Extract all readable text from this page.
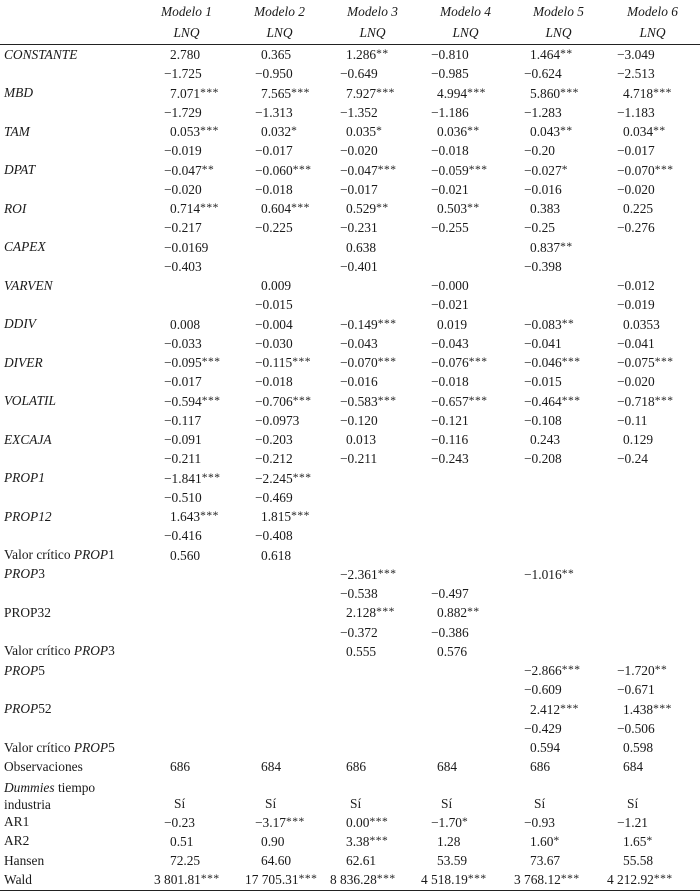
	Modelo 1	Modelo 2	Modelo 3	Modelo 4	Modelo 5	Modelo 6
	LNQ	LNQ	LNQ	LNQ	LNQ	LNQ
CONSTANTE	2.780	0.365	1.286**	−0.810	1.464**	−3.049
	−1.725	−0.950	−0.649	−0.985	−0.624	−2.513
MBD	7.071***	7.565***	7.927***	4.994***	5.860***	4.718***
	−1.729	−1.313	−1.352	−1.186	−1.283	−1.183
TAM	0.053***	0.032*	0.035*	0.036**	0.043**	0.034**
	−0.019	−0.017	−0.020	−0.018	−0.20	−0.017
DPAT	−0.047**	−0.060***	−0.047***	−0.059***	−0.027*	−0.070***
	−0.020	−0.018	−0.017	−0.021	−0.016	−0.020
ROI	0.714***	0.604***	0.529**	0.503**	0.383	0.225
	−0.217	−0.225	−0.231	−0.255	−0.25	−0.276
CAPEX	−0.0169		0.638		0.837**	
	−0.403		−0.401		−0.398	
VARVEN		0.009		−0.000		−0.012
		−0.015		−0.021		−0.019
DDIV	0.008	−0.004	−0.149***	0.019	−0.083**	0.0353
	−0.033	−0.030	−0.043	−0.043	−0.041	−0.041
DIVER	−0.095***	−0.115***	−0.070***	−0.076***	−0.046***	−0.075***
	−0.017	−0.018	−0.016	−0.018	−0.015	−0.020
VOLATIL	−0.594***	−0.706***	−0.583***	−0.657***	−0.464***	−0.718***
	−0.117	−0.0973	−0.120	−0.121	−0.108	−0.11
EXCAJA	−0.091	−0.203	0.013	−0.116	0.243	0.129
	−0.211	−0.212	−0.211	−0.243	−0.208	−0.24
PROP1	−1.841***	−2.245***				
	−0.510	−0.469				
PROP12	1.643***	1.815***				
	−0.416	−0.408				
Valor crítico PROP1	0.560	0.618				
PROP3			−2.361***		−1.016**	
			−0.538	−0.497		
PROP32			2.128***	0.882**		
			−0.372	−0.386		
Valor crítico PROP3			0.555	0.576		
PROP5					−2.866***	−1.720**
					−0.609	−0.671
PROP52					2.412***	1.438***
					−0.429	−0.506
Valor crítico PROP5					0.594	0.598
Observaciones	686	684	686	684	686	684
Dummies tiempo industria	Sí	Sí	Sí	Sí	Sí	Sí
AR1	−0.23	−3.17***	0.00***	−1.70*	−0.93	−1.21
AR2	0.51	0.90	3.38***	1.28	1.60*	1.65*
Hansen	72.25	64.60	62.61	53.59	73.67	55.58
Wald	3 801.81***	17 705.31***	8 836.28***	4 518.19***	3 768.12***	4 212.92***
